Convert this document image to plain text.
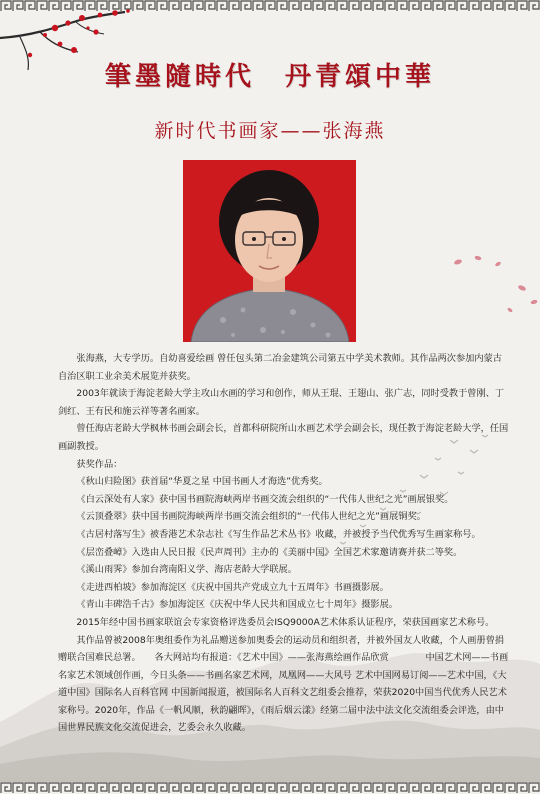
筆墨隨時代　丹青頌中華
新时代书画家——张海燕

张海燕，大专学历。自幼喜爱绘画 曾任包头第二冶金建筑公司第五中学美术教师。其作品两次参加内蒙古自治区职工业余美术展览并获奖。

2003年就读于海淀老龄大学主攻山水画的学习和创作，师从王琨、王翅山、张广志，同时受教于曾刚、丁剑红、王有民和施云祥等著名画家。

曾任海店老龄大学枫林书画会副会长，首都科研院所山水画艺术学会副会长，现任教于海淀老龄大学，任国画副教授。

获奖作品：

《秋山归险图》获首届“华夏之星 中国书画人才海选”优秀奖。

《白云深处有人家》获中国书画院海峡两岸书画交流会组织的“一代伟人世纪之光”画展银奖。

《云顶叠翠》获中国书画院海峡两岸书画交流会组织的“一代伟人世纪之光”画展铜奖。

《古居村落写生》被香港艺术杂志社《写生作品艺术丛书》收藏，并被授予当代优秀写生画家称号。

《层峦叠嶂》入选由人民日报《民声周刊》主办的《美丽中国》全国艺术家邀请赛并获二等奖。

《溪山雨霁》参加台湾南阳义学、海店老龄大学联展。

《走进西柏坡》参加海淀区《庆祝中国共产党成立九十五周年》书画摄影展。

《青山丰碑浩千古》参加海淀区《庆祝中华人民共和国成立七十周年》摄影展。

2015年经中国书画家联谊会专家资格评选委员会ISQ9000A艺术体系认证程序，荣获国画家艺术称号。

其作品曾被2008年奥组委作为礼品赠送参加奥委会的运动员和组织者，并被外国友人收藏，个人画册曾捐赠联合国难民总署。　　各大网站均有报道：《艺术中国》——张海燕绘画作品欣赏　　　　中国艺术网——书画名家艺术领域创作画，今日头条——书画名家艺术网，凤凰网——大风号 艺术中国网易订阅——艺术中国，《大道中国》国际名人百科官网 中国新闻报道，被国际名人百科文艺组委会推荐，荣获2020中国当代优秀人民艺术家称号。2020年，作品《一帆风顺，秋韵翩晖》，《雨后烟云漾》经第二届中法中法文化交流组委会评选，由中国世界民族文化交流促进会，艺委会永久收藏。
